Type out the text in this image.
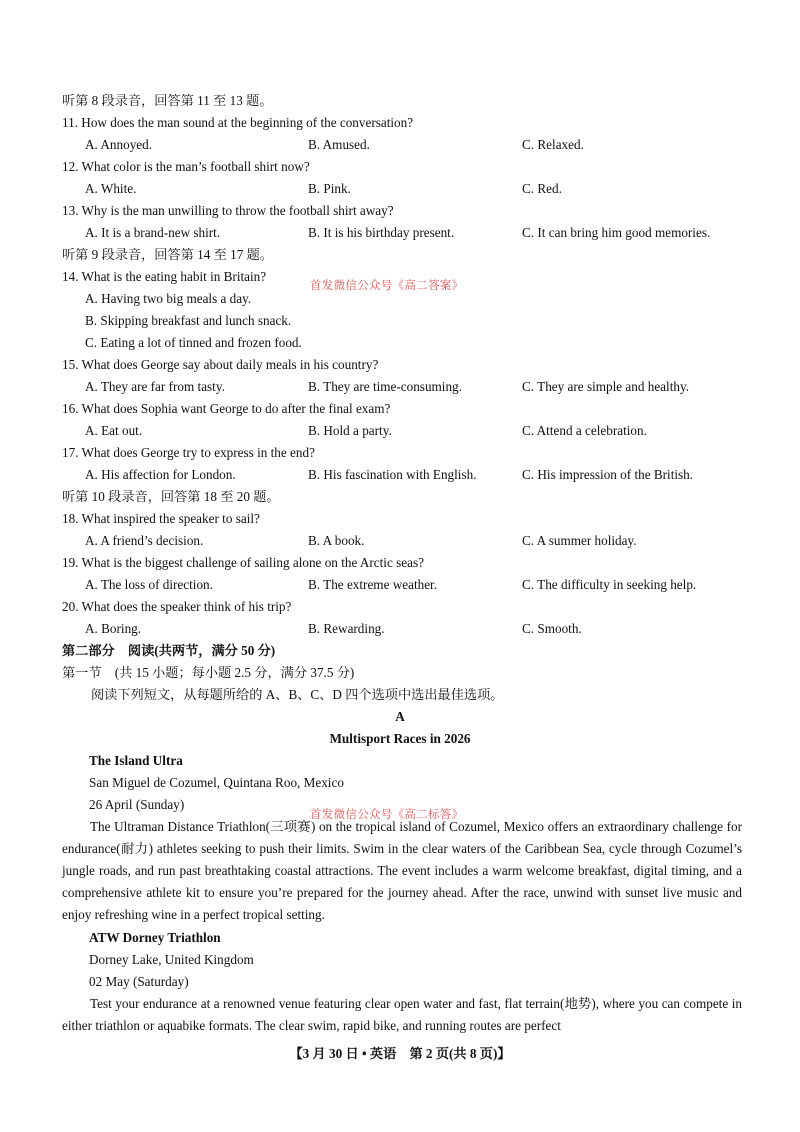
听第 8 段录音，回答第 11 至 13 题。
11. How does the man sound at the beginning of the conversation?
A. Annoyed.	B. Amused.	C. Relaxed.
12. What color is the man’s football shirt now?
A. White.	B. Pink.	C. Red.
13. Why is the man unwilling to throw the football shirt away?
A. It is a brand-new shirt.	B. It is his birthday present.	C. It can bring him good memories.
听第 9 段录音，回答第 14 至 17 题。
14. What is the eating habit in Britain?
首发微信公众号《高二答案》
A. Having two big meals a day.
B. Skipping breakfast and lunch snack.
C. Eating a lot of tinned and frozen food.
15. What does George say about daily meals in his country?
A. They are far from tasty.	B. They are time-consuming.	C. They are simple and healthy.
16. What does Sophia want George to do after the final exam?
A. Eat out.	B. Hold a party.	C. Attend a celebration.
17. What does George try to express in the end?
A. His affection for London.	B. His fascination with English.	C. His impression of the British.
听第 10 段录音，回答第 18 至 20 题。
18. What inspired the speaker to sail?
A. A friend’s decision.	B. A book.	C. A summer holiday.
19. What is the biggest challenge of sailing alone on the Arctic seas?
A. The loss of direction.	B. The extreme weather.	C. The difficulty in seeking help.
20. What does the speaker think of his trip?
A. Boring.	B. Rewarding.	C. Smooth.
第二部分　阅读(共两节，满分 50 分)
第一节　(共 15 小题；每小题 2.5 分，满分 37.5 分)
阅读下列短文，从每题所给的 A、B、C、D 四个选项中选出最佳选项。
A
Multisport Races in 2026
The Island Ultra
San Miguel de Cozumel, Quintana Roo, Mexico
26 April (Sunday)
首发微信公众号《高二标答》
The Ultraman Distance Triathlon(三项赛) on the tropical island of Cozumel, Mexico offers an extraordinary challenge for endurance(耐力) athletes seeking to push their limits. Swim in the clear waters of the Caribbean Sea, cycle through Cozumel’s jungle roads, and run past breathtaking coastal attractions. The event includes a warm welcome breakfast, digital timing, and a comprehensive athlete kit to ensure you’re prepared for the journey ahead. After the race, unwind with sunset live music and enjoy refreshing wine in a perfect tropical setting.
ATW Dorney Triathlon
Dorney Lake, United Kingdom
02 May (Saturday)
Test your endurance at a renowned venue featuring clear open water and fast, flat terrain(地势), where you can compete in either triathlon or aquabike formats. The clear swim, rapid bike, and running routes are perfect
【3 月 30 日 • 英语　第 2 页(共 8 页)】
